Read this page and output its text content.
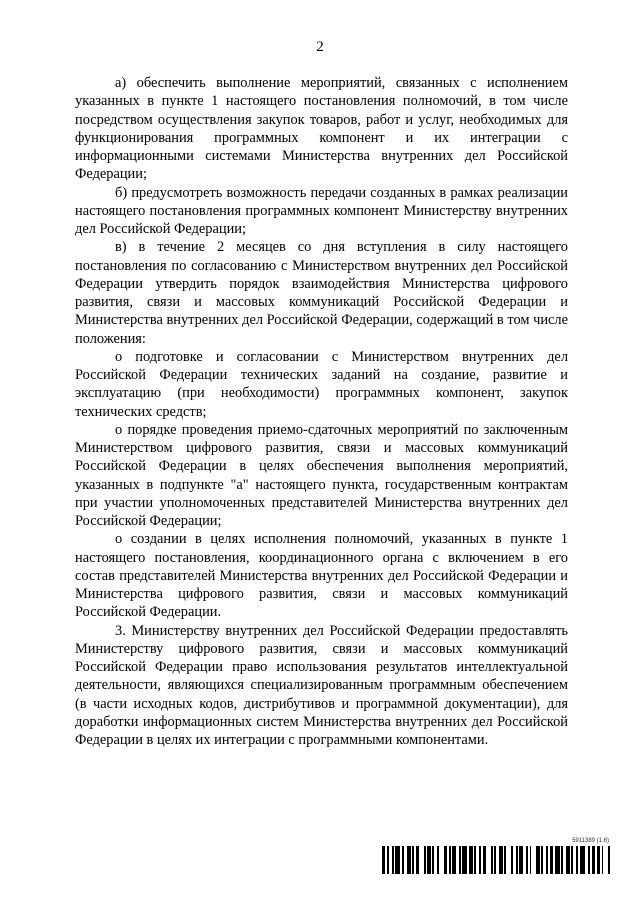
2

а) обеспечить выполнение мероприятий, связанных с исполнением указанных в пункте 1 настоящего постановления полномочий, в том числе посредством осуществления закупок товаров, работ и услуг, необходимых для функционирования программных компонент и их интеграции с информационными системами Министерства внутренних дел Российской Федерации;

б) предусмотреть возможность передачи созданных в рамках реализации настоящего постановления программных компонент Министерству внутренних дел Российской Федерации;

в) в течение 2 месяцев со дня вступления в силу настоящего постановления по согласованию с Министерством внутренних дел Российской Федерации утвердить порядок взаимодействия Министерства цифрового развития, связи и массовых коммуникаций Российской Федерации и Министерства внутренних дел Российской Федерации, содержащий в том числе положения:

о подготовке и согласовании с Министерством внутренних дел Российской Федерации технических заданий на создание, развитие и эксплуатацию (при необходимости) программных компонент, закупок технических средств;

о порядке проведения приемо-сдаточных мероприятий по заключенным Министерством цифрового развития, связи и массовых коммуникаций Российской Федерации в целях обеспечения выполнения мероприятий, указанных в подпункте "а" настоящего пункта, государственным контрактам при участии уполномоченных представителей Министерства внутренних дел Российской Федерации;

о создании в целях исполнения полномочий, указанных в пункте 1 настоящего постановления, координационного органа с включением в его состав представителей Министерства внутренних дел Российской Федерации и Министерства цифрового развития, связи и массовых коммуникаций Российской Федерации.

3. Министерству внутренних дел Российской Федерации предоставлять Министерству цифрового развития, связи и массовых коммуникаций Российской Федерации право использования результатов интеллектуальной деятельности, являющихся специализированным программным обеспечением (в части исходных кодов, дистрибутивов и программной документации), для доработки информационных систем Министерства внутренних дел Российской Федерации в целях их интеграции с программными компонентами.

5911389 (1.6)
